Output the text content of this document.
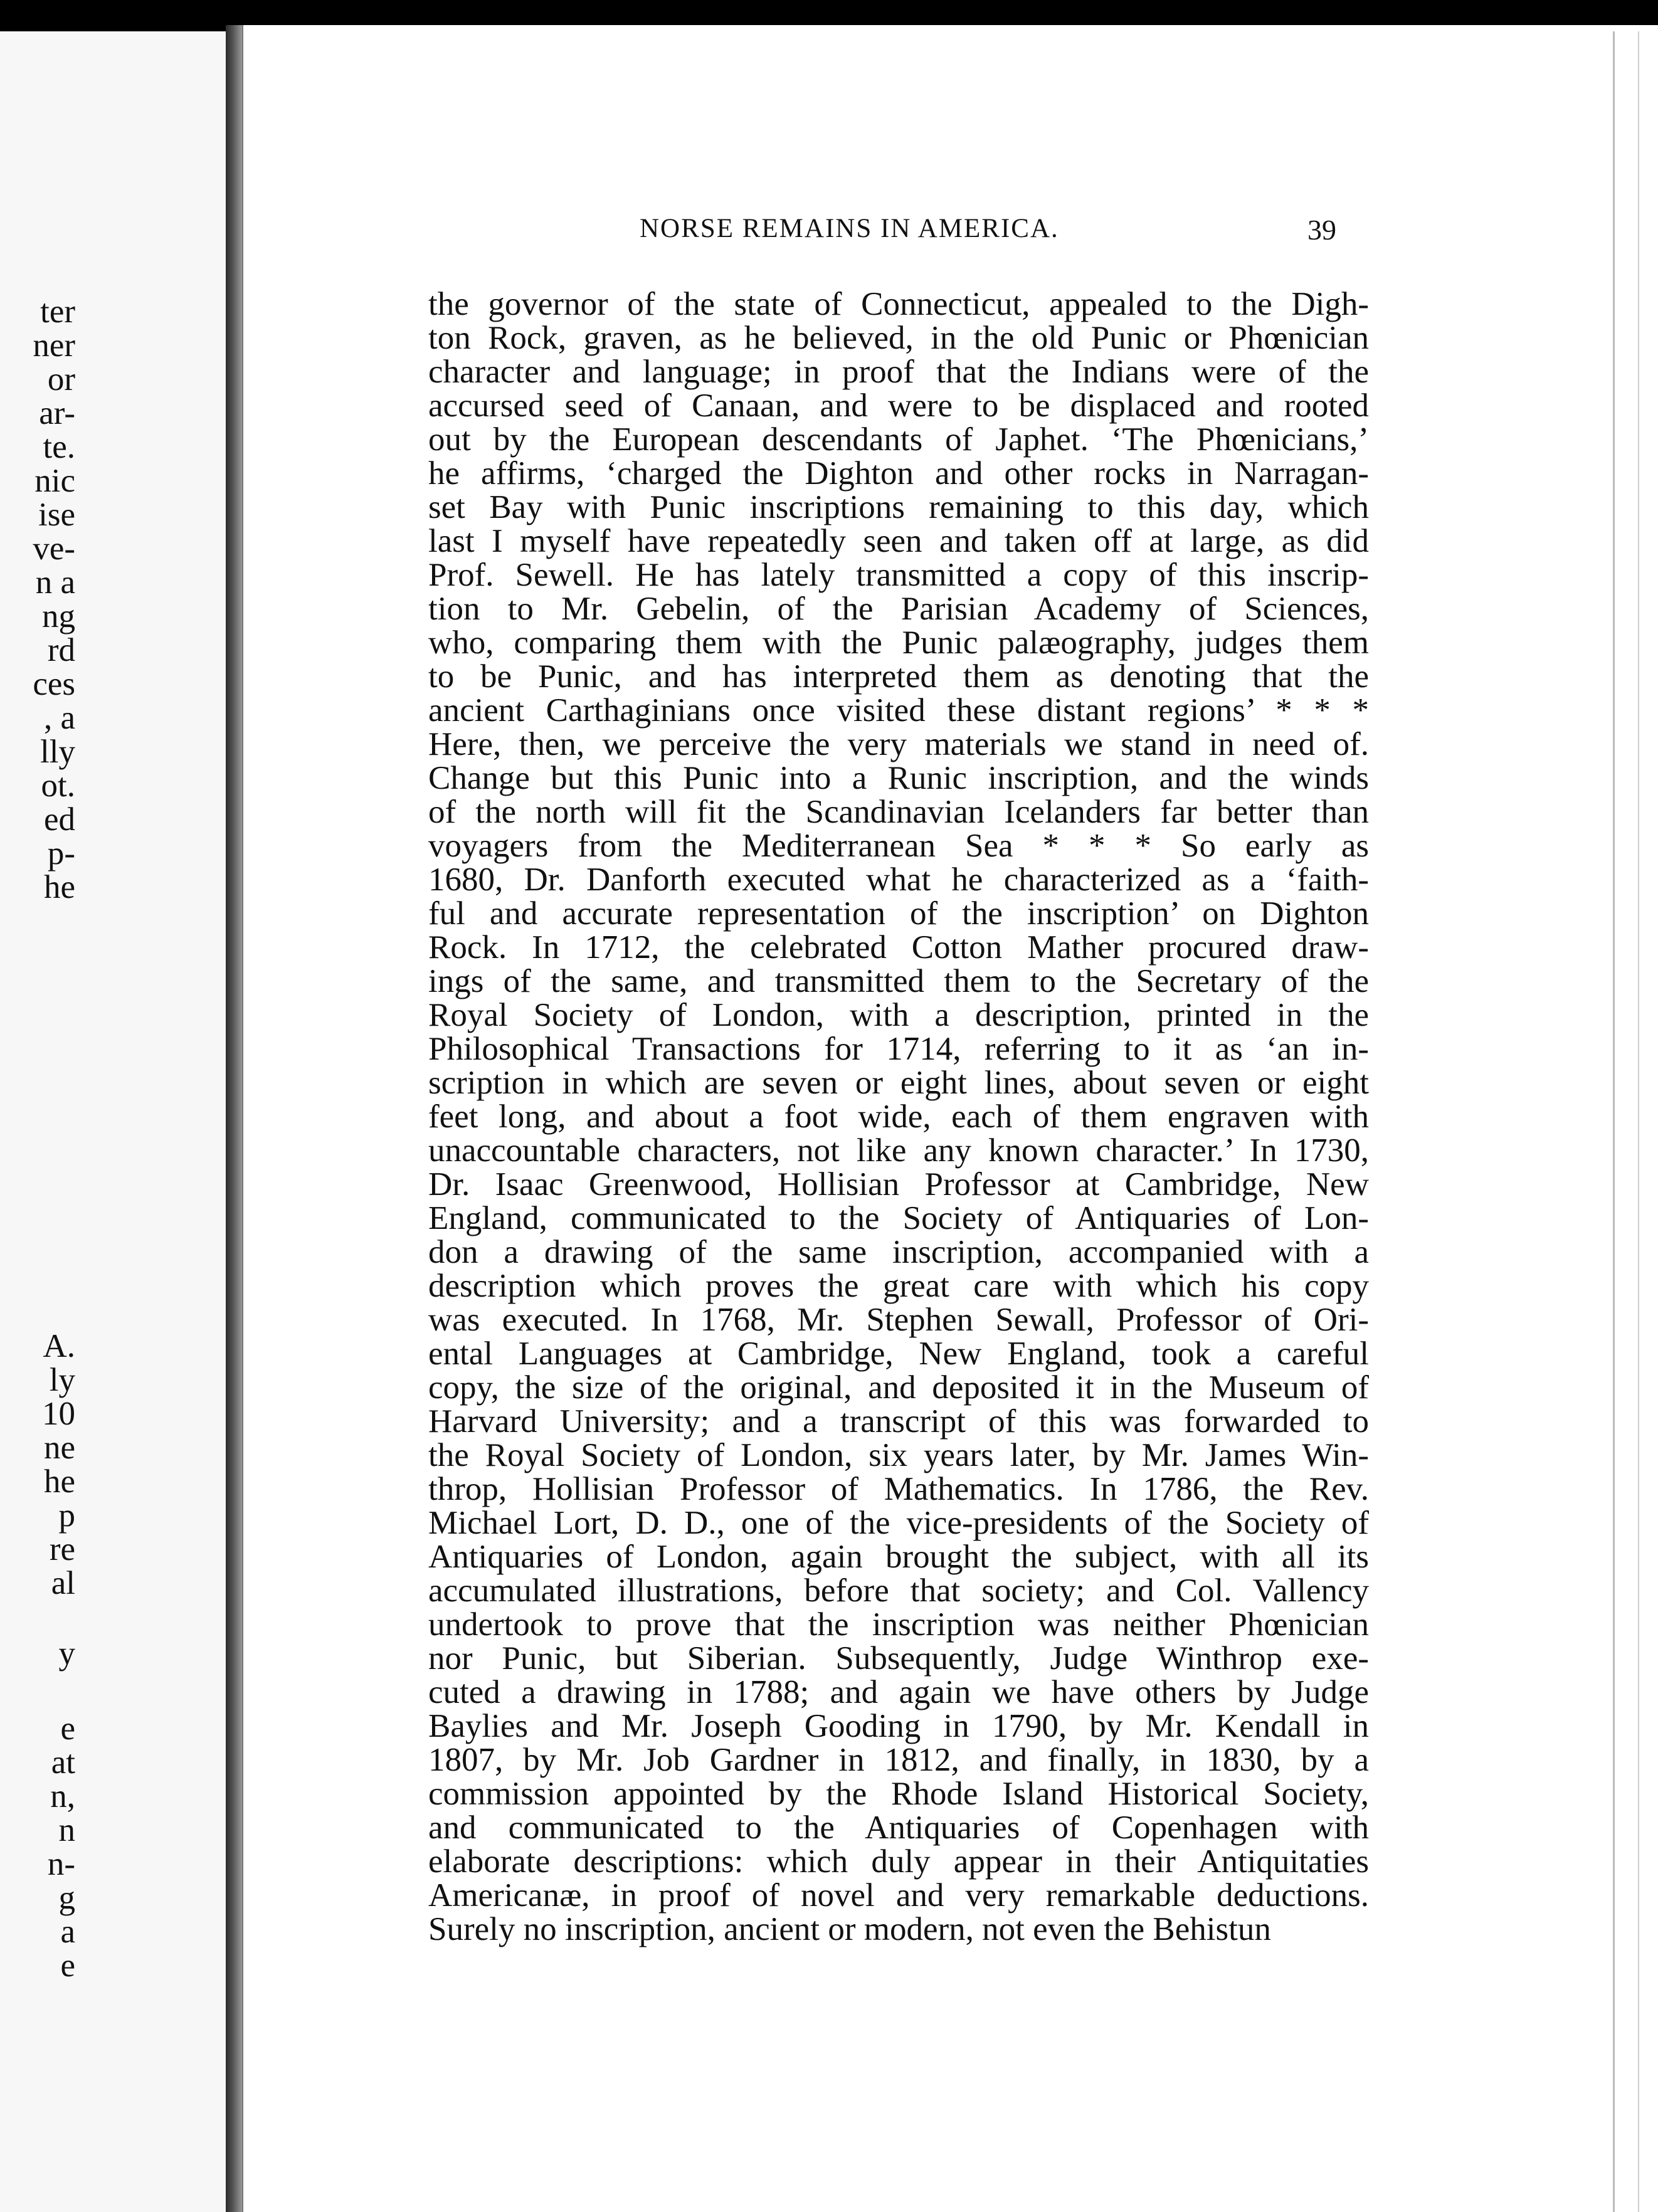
ter
ner
or
ar-
te.
nic
ise
ve-
n a
ng
rd
ces
, a
lly
ot.
ed
p-
he
A.
ly
10
ne
he
p
re
al
y
e
at
n,
n
n-
g
a
e
NORSE REMAINS IN AMERICA.	39
the governor of the state of Connecticut, appealed to the Digh-
ton Rock, graven, as he believed, in the old Punic or Phœnician
character and language; in proof that the Indians were of the
accursed seed of Canaan, and were to be displaced and rooted
out by the European descendants of Japhet. ‘The Phœnicians,’
he affirms, ‘charged the Dighton and other rocks in Narragan-
set Bay with Punic inscriptions remaining to this day, which
last I myself have repeatedly seen and taken off at large, as did
Prof. Sewell. He has lately transmitted a copy of this inscrip-
tion to Mr. Gebelin, of the Parisian Academy of Sciences,
who, comparing them with the Punic palæography, judges them
to be Punic, and has interpreted them as denoting that the
ancient Carthaginians once visited these distant regions’ * * *
Here, then, we perceive the very materials we stand in need of.
Change but this Punic into a Runic inscription, and the winds
of the north will fit the Scandinavian Icelanders far better than
voyagers from the Mediterranean Sea * * * So early as
1680, Dr. Danforth executed what he characterized as a ‘faith-
ful and accurate representation of the inscription’ on Dighton
Rock. In 1712, the celebrated Cotton Mather procured draw-
ings of the same, and transmitted them to the Secretary of the
Royal Society of London, with a description, printed in the
Philosophical Transactions for 1714, referring to it as ‘an in-
scription in which are seven or eight lines, about seven or eight
feet long, and about a foot wide, each of them engraven with
unaccountable characters, not like any known character.’ In 1730,
Dr. Isaac Greenwood, Hollisian Professor at Cambridge, New
England, communicated to the Society of Antiquaries of Lon-
don a drawing of the same inscription, accompanied with a
description which proves the great care with which his copy
was executed. In 1768, Mr. Stephen Sewall, Professor of Ori-
ental Languages at Cambridge, New England, took a careful
copy, the size of the original, and deposited it in the Museum of
Harvard University; and a transcript of this was forwarded to
the Royal Society of London, six years later, by Mr. James Win-
throp, Hollisian Professor of Mathematics. In 1786, the Rev.
Michael Lort, D. D., one of the vice-presidents of the Society of
Antiquaries of London, again brought the subject, with all its
accumulated illustrations, before that society; and Col. Vallency
undertook to prove that the inscription was neither Phœnician
nor Punic, but Siberian. Subsequently, Judge Winthrop exe-
cuted a drawing in 1788; and again we have others by Judge
Baylies and Mr. Joseph Gooding in 1790, by Mr. Kendall in
1807, by Mr. Job Gardner in 1812, and finally, in 1830, by a
commission appointed by the Rhode Island Historical Society,
and communicated to the Antiquaries of Copenhagen with
elaborate descriptions: which duly appear in their Antiquitaties
Americanæ, in proof of novel and very remarkable deductions.
Surely no inscription, ancient or modern, not even the Behistun
